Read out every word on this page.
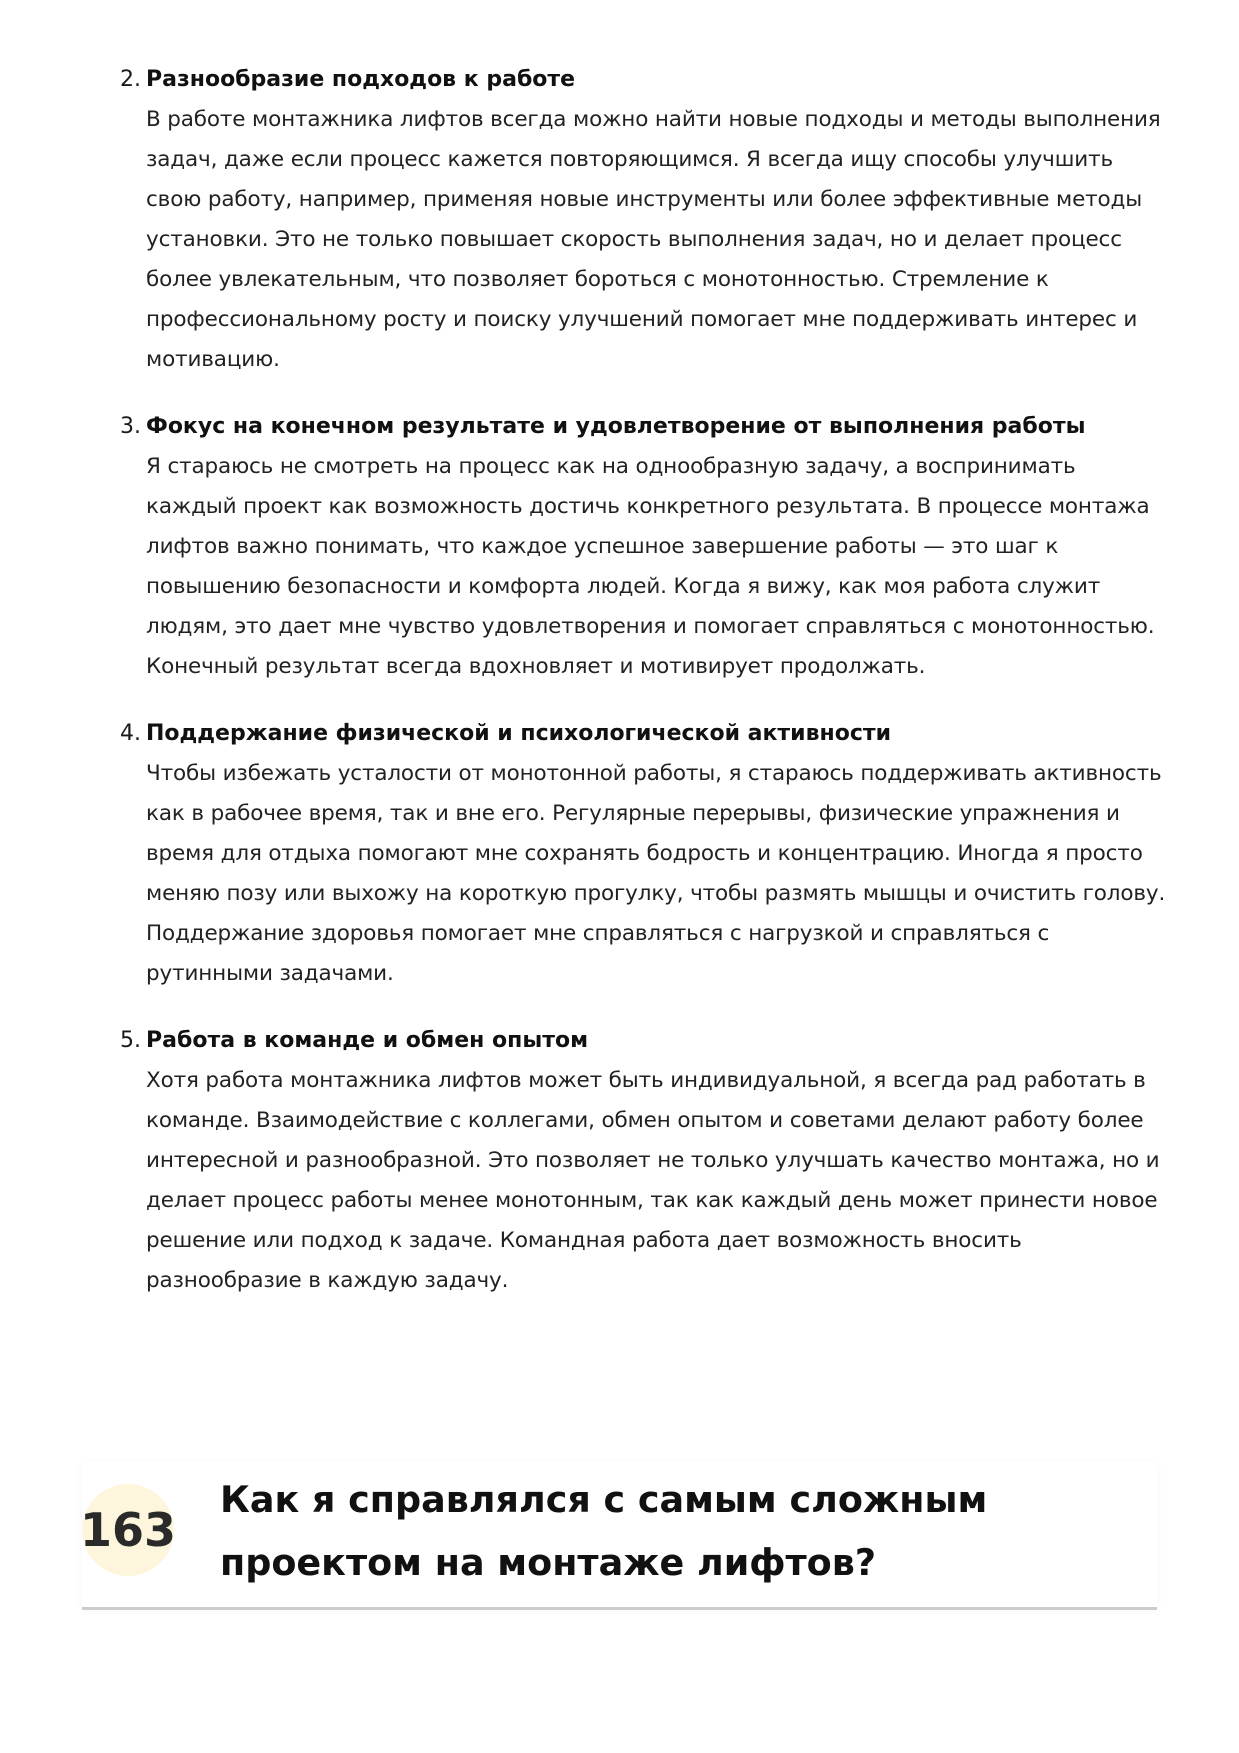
2. Разнообразие подходов к работе

В работе монтажника лифтов всегда можно найти новые подходы и методы выполнения задач, даже если процесс кажется повторяющимся. Я всегда ищу способы улучшить свою работу, например, применяя новые инструменты или более эффективные методы установки. Это не только повышает скорость выполнения задач, но и делает процесс более увлекательным, что позволяет бороться с монотонностью. Стремление к профессиональному росту и поиску улучшений помогает мне поддерживать интерес и мотивацию.

3. Фокус на конечном результате и удовлетворение от выполнения работы

Я стараюсь не смотреть на процесс как на однообразную задачу, а воспринимать каждый проект как возможность достичь конкретного результата. В процессе монтажа лифтов важно понимать, что каждое успешное завершение работы — это шаг к повышению безопасности и комфорта людей. Когда я вижу, как моя работа служит людям, это дает мне чувство удовлетворения и помогает справляться с монотонностью. Конечный результат всегда вдохновляет и мотивирует продолжать.

4. Поддержание физической и психологической активности

Чтобы избежать усталости от монотонной работы, я стараюсь поддерживать активность как в рабочее время, так и вне его. Регулярные перерывы, физические упражнения и время для отдыха помогают мне сохранять бодрость и концентрацию. Иногда я просто меняю позу или выхожу на короткую прогулку, чтобы размять мышцы и очистить голову. Поддержание здоровья помогает мне справляться с нагрузкой и справляться с рутинными задачами.

5. Работа в команде и обмен опытом

Хотя работа монтажника лифтов может быть индивидуальной, я всегда рад работать в команде. Взаимодействие с коллегами, обмен опытом и советами делают работу более интересной и разнообразной. Это позволяет не только улучшать качество монтажа, но и делает процесс работы менее монотонным, так как каждый день может принести новое решение или подход к задаче. Командная работа дает возможность вносить разнообразие в каждую задачу.

163
Как я справлялся с самым сложным проектом на монтаже лифтов?
